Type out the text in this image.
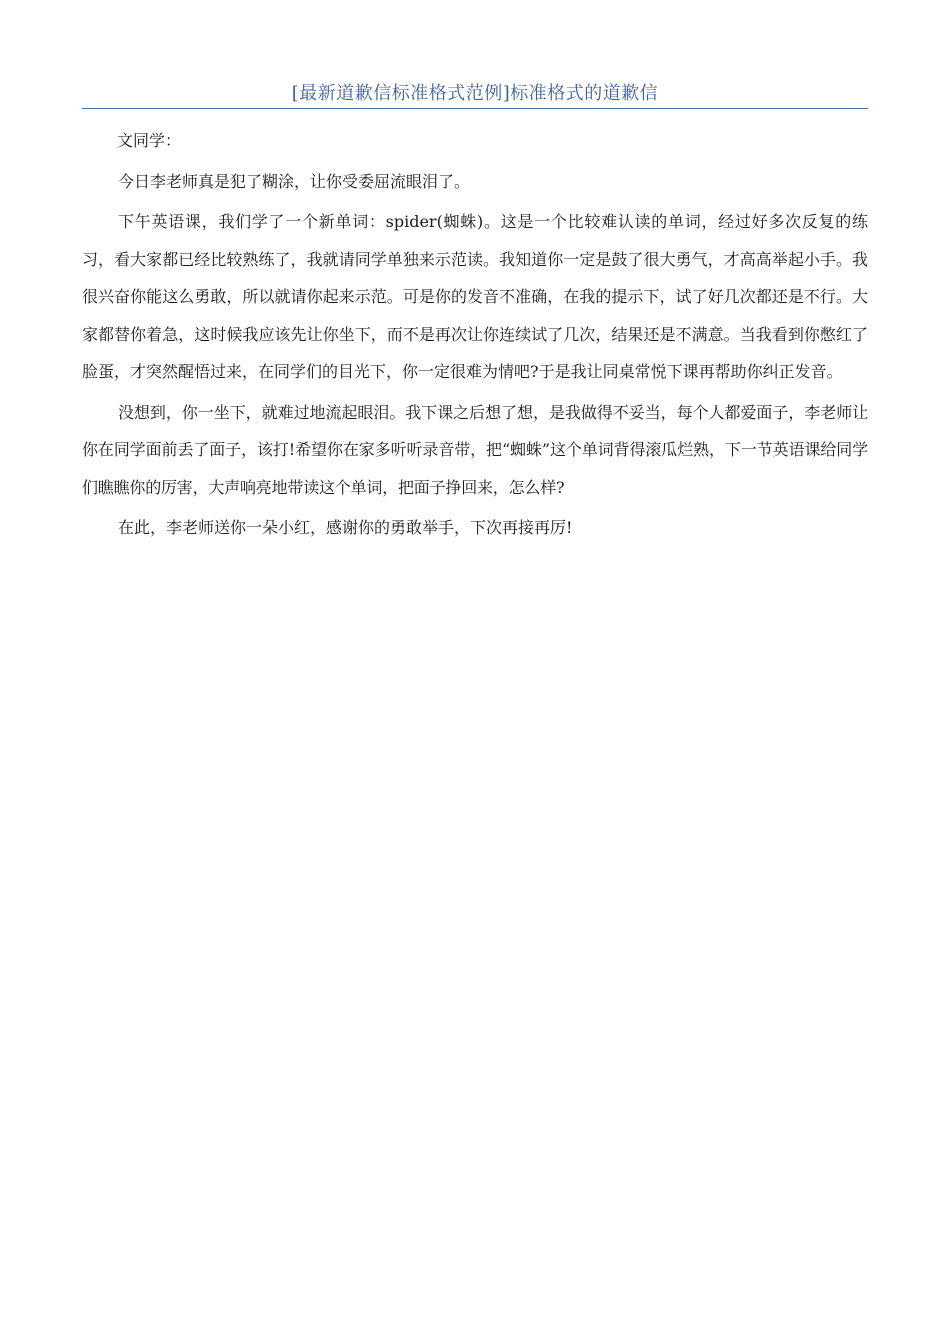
[最新道歉信标准格式范例]标准格式的道歉信

文同学：

今日李老师真是犯了糊涂，让你受委屈流眼泪了。

下午英语课，我们学了一个新单词：spider(蜘蛛)。这是一个比较难认读的单词，经过好多次反复的练习，看大家都已经比较熟练了，我就请同学单独来示范读。我知道你一定是鼓了很大勇气，才高高举起小手。我很兴奋你能这么勇敢，所以就请你起来示范。可是你的发音不准确，在我的提示下，试了好几次都还是不行。大家都替你着急，这时候我应该先让你坐下，而不是再次让你连续试了几次，结果还是不满意。当我看到你憋红了脸蛋，才突然醒悟过来，在同学们的目光下，你一定很难为情吧?于是我让同桌常悦下课再帮助你纠正发音。

没想到，你一坐下，就难过地流起眼泪。我下课之后想了想，是我做得不妥当，每个人都爱面子，李老师让你在同学面前丢了面子，该打!希望你在家多听听录音带，把“蜘蛛”这个单词背得滚瓜烂熟，下一节英语课给同学们瞧瞧你的厉害，大声响亮地带读这个单词，把面子挣回来，怎么样?

在此，李老师送你一朵小红，感谢你的勇敢举手，下次再接再厉!
